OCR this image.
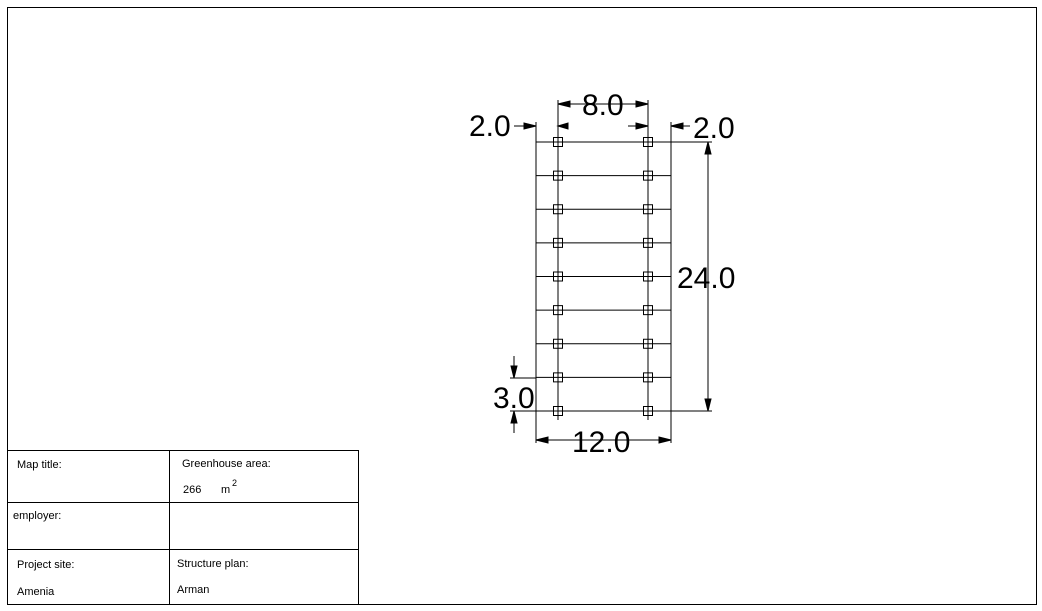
2.0
8.0
2.0
24.0
3.0
12.0
Map title:	Greenhouse area:
266 m
2
employer:
Project site:
Amenia
Structure plan:
Arman
